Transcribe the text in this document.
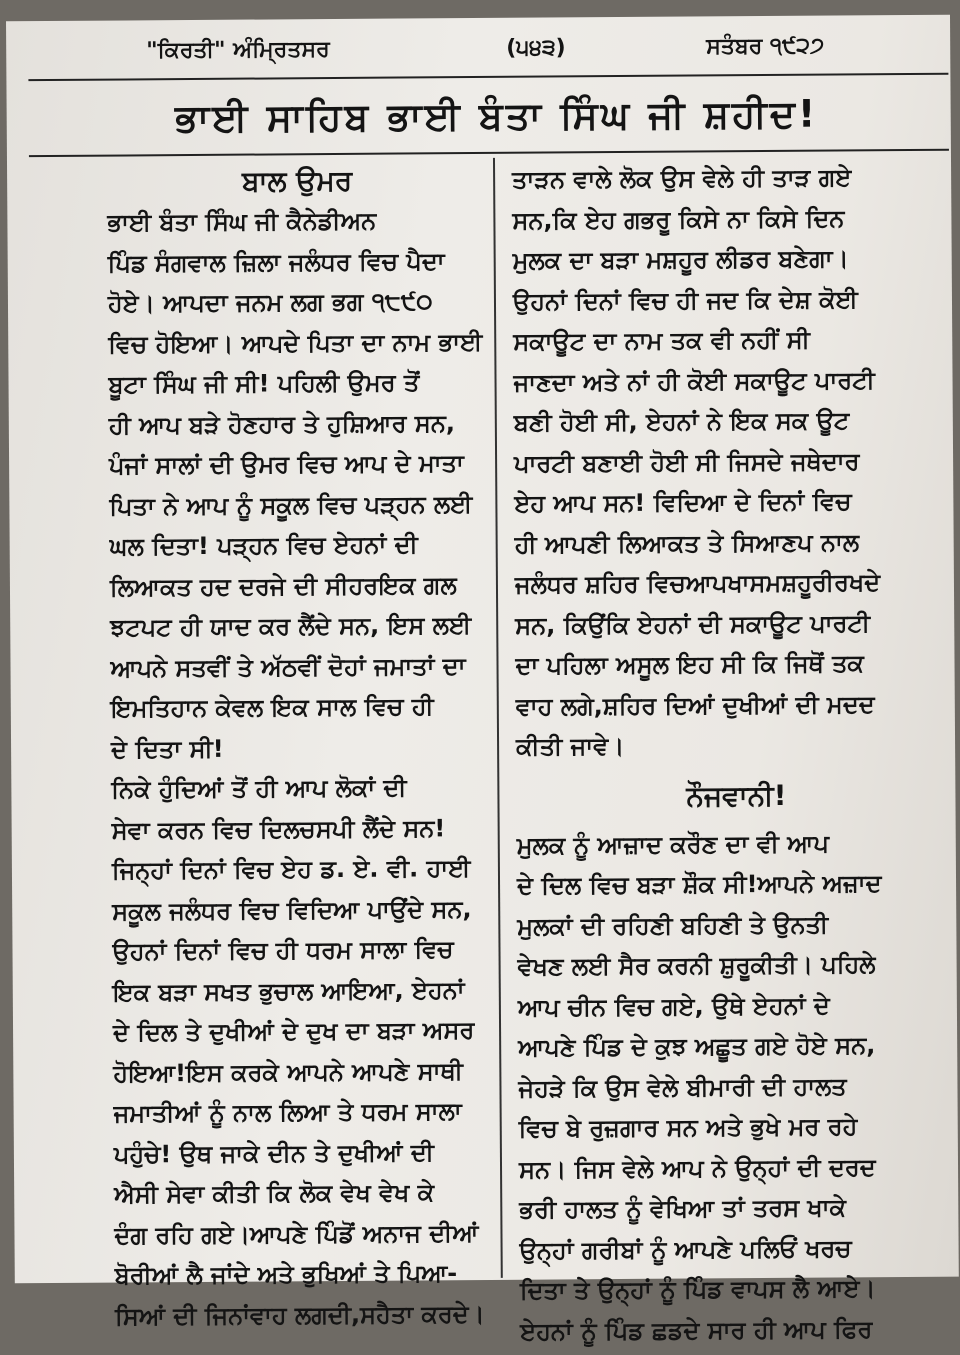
"ਕਿਰਤੀ" ਅੰਮ੍ਰਿਤਸਰ	(੫੪੩)	ਸਤੰਬਰ ੧੯੨੭
ਭਾਈ ਸਾਹਿਬ ਭਾਈ ਬੰਤਾ ਸਿੰਘ ਜੀ ਸ਼ਹੀਦ!
ਬਾਲ ਉਮਰ

ਭਾਈ ਬੰਤਾ ਸਿੰਘ ਜੀ ਕੈਨੇਡੀਅਨ

ਪਿੰਡ ਸੰਗਵਾਲ ਜ਼ਿਲਾ ਜਲੰਧਰ ਵਿਚ ਪੈਦਾ

ਹੋਏ। ਆਪਦਾ ਜਨਮ ਲਗ ਭਗ ੧੮੯੦

ਵਿਚ ਹੋਇਆ। ਆਪਦੇ ਪਿਤਾ ਦਾ ਨਾਮ ਭਾਈ

ਬੂਟਾ ਸਿੰਘ ਜੀ ਸੀ! ਪਹਿਲੀ ਉਮਰ ਤੋਂ

ਹੀ ਆਪ ਬੜੇ ਹੋਣਹਾਰ ਤੇ ਹੁਸ਼ਿਆਰ ਸਨ,

ਪੰਜਾਂ ਸਾਲਾਂ ਦੀ ਉਮਰ ਵਿਚ ਆਪ ਦੇ ਮਾਤਾ

ਪਿਤਾ ਨੇ ਆਪ ਨੂੰ ਸਕੂਲ ਵਿਚ ਪੜ੍ਹਨ ਲਈ

ਘਲ ਦਿਤਾ! ਪੜ੍ਹਨ ਵਿਚ ਏਹਨਾਂ ਦੀ

ਲਿਆਕਤ ਹਦ ਦਰਜੇ ਦੀ ਸੀਹਰਇਕ ਗਲ

ਝਟਪਟ ਹੀ ਯਾਦ ਕਰ ਲੈਂਦੇ ਸਨ, ਇਸ ਲਈ

ਆਪਨੇ ਸਤਵੀਂ ਤੇ ਅੱਠਵੀਂ ਦੋਹਾਂ ਜਮਾਤਾਂ ਦਾ

ਇਮਤਿਹਾਨ ਕੇਵਲ ਇਕ ਸਾਲ ਵਿਚ ਹੀ

ਦੇ ਦਿਤਾ ਸੀ!

ਨਿਕੇ ਹੁੰਦਿਆਂ ਤੋਂ ਹੀ ਆਪ ਲੋਕਾਂ ਦੀ

ਸੇਵਾ ਕਰਨ ਵਿਚ ਦਿਲਚਸਪੀ ਲੈਂਦੇ ਸਨ!

ਜਿਨ੍ਹਾਂ ਦਿਨਾਂ ਵਿਚ ਏਹ ਡ. ਏ. ਵੀ. ਹਾਈ

ਸਕੂਲ ਜਲੰਧਰ ਵਿਚ ਵਿਦਿਆ ਪਾਉਂਦੇ ਸਨ,

ਉਹਨਾਂ ਦਿਨਾਂ ਵਿਚ ਹੀ ਧਰਮ ਸਾਲਾ ਵਿਚ

ਇਕ ਬੜਾ ਸਖਤ ਭੁਚਾਲ ਆਇਆ, ਏਹਨਾਂ

ਦੇ ਦਿਲ ਤੇ ਦੁਖੀਆਂ ਦੇ ਦੁਖ ਦਾ ਬੜਾ ਅਸਰ

ਹੋਇਆ!ਇਸ ਕਰਕੇ ਆਪਨੇ ਆਪਣੇ ਸਾਥੀ

ਜਮਾਤੀਆਂ ਨੂੰ ਨਾਲ ਲਿਆ ਤੇ ਧਰਮ ਸਾਲਾ

ਪਹੁੰਚੇ! ਉਥ ਜਾਕੇ ਦੀਨ ਤੇ ਦੁਖੀਆਂ ਦੀ

ਐਸੀ ਸੇਵਾ ਕੀਤੀ ਕਿ ਲੋਕ ਵੇਖ ਵੇਖ ਕੇ

ਦੰਗ ਰਹਿ ਗਏ।ਆਪਣੇ ਪਿੰਡੋਂ ਅਨਾਜ ਦੀਆਂ

ਬੋਰੀਆਂ ਲੈ ਜਾਂਦੇ ਅਤੇ ਭੁਖਿਆਂ ਤੇ ਪਿਆ-

ਸਿਆਂ ਦੀ ਜਿਨਾਂਵਾਹ ਲਗਦੀ,ਸਹੈਤਾ ਕਰਦੇ।

ਤਾੜਨ ਵਾਲੇ ਲੋਕ ਉਸ ਵੇਲੇ ਹੀ ਤਾੜ ਗਏ

ਸਨ,ਕਿ ਏਹ ਗਭਰੂ ਕਿਸੇ ਨਾ ਕਿਸੇ ਦਿਨ

ਮੁਲਕ ਦਾ ਬੜਾ ਮਸ਼ਹੂਰ ਲੀਡਰ ਬਣੇਗਾ।

ਉਹਨਾਂ ਦਿਨਾਂ ਵਿਚ ਹੀ ਜਦ ਕਿ ਦੇਸ਼ ਕੋਈ

ਸਕਾਊਟ ਦਾ ਨਾਮ ਤਕ ਵੀ ਨਹੀਂ ਸੀ

ਜਾਣਦਾ ਅਤੇ ਨਾਂ ਹੀ ਕੋਈ ਸਕਾਊਟ ਪਾਰਟੀ

ਬਣੀ ਹੋਈ ਸੀ, ਏਹਨਾਂ ਨੇ ਇਕ ਸਕ ਊਟ

ਪਾਰਟੀ ਬਣਾਈ ਹੋਈ ਸੀ ਜਿਸਦੇ ਜਥੇਦਾਰ

ਏਹ ਆਪ ਸਨ! ਵਿਦਿਆ ਦੇ ਦਿਨਾਂ ਵਿਚ

ਹੀ ਆਪਣੀ ਲਿਆਕਤ ਤੇ ਸਿਆਣਪ ਨਾਲ

ਜਲੰਧਰ ਸ਼ਹਿਰ ਵਿਚਆਪਖਾਸਮਸ਼ਹੂਰੀਰਖਦੇ

ਸਨ, ਕਿਉਂਕਿ ਏਹਨਾਂ ਦੀ ਸਕਾਊਟ ਪਾਰਟੀ

ਦਾ ਪਹਿਲਾ ਅਸੂਲ ਇਹ ਸੀ ਕਿ ਜਿਥੋਂ ਤਕ

ਵਾਹ ਲਗੇ,ਸ਼ਹਿਰ ਦਿਆਂ ਦੁਖੀਆਂ ਦੀ ਮਦਦ

ਕੀਤੀ ਜਾਵੇ।

ਨੌਜਵਾਨੀ!

ਮੁਲਕ ਨੂੰ ਆਜ਼ਾਦ ਕਰੌਣ ਦਾ ਵੀ ਆਪ

ਦੇ ਦਿਲ ਵਿਚ ਬੜਾ ਸ਼ੌਕ ਸੀ!ਆਪਨੇ ਅਜ਼ਾਦ

ਮੁਲਕਾਂ ਦੀ ਰਹਿਣੀ ਬਹਿਣੀ ਤੇ ਉਨਤੀ

ਵੇਖਣ ਲਈ ਸੈਰ ਕਰਨੀ ਸ਼ੁਰੂਕੀਤੀ। ਪਹਿਲੇ

ਆਪ ਚੀਨ ਵਿਚ ਗਏ, ਉਥੇ ਏਹਨਾਂ ਦੇ

ਆਪਣੇ ਪਿੰਡ ਦੇ ਕੁਝ ਅਛੂਤ ਗਏ ਹੋਏ ਸਨ,

ਜੇਹੜੇ ਕਿ ਉਸ ਵੇਲੇ ਬੀਮਾਰੀ ਦੀ ਹਾਲਤ

ਵਿਚ ਬੇ ਰੁਜ਼ਗਾਰ ਸਨ ਅਤੇ ਭੁਖੇ ਮਰ ਰਹੇ

ਸਨ। ਜਿਸ ਵੇਲੇ ਆਪ ਨੇ ਉਨ੍ਹਾਂ ਦੀ ਦਰਦ

ਭਰੀ ਹਾਲਤ ਨੂੰ ਵੇਖਿਆ ਤਾਂ ਤਰਸ ਖਾਕੇ

ਉਨ੍ਹਾਂ ਗਰੀਬਾਂ ਨੂੰ ਆਪਣੇ ਪਲਿਓਂ ਖਰਚ

ਦਿਤਾ ਤੇ ਉਨ੍ਹਾਂ ਨੂੰ ਪਿੰਡ ਵਾਪਸ ਲੈ ਆਏ।

ਏਹਨਾਂ ਨੂੰ ਪਿੰਡ ਛਡਦੇ ਸਾਰ ਹੀ ਆਪ ਫਿਰ
